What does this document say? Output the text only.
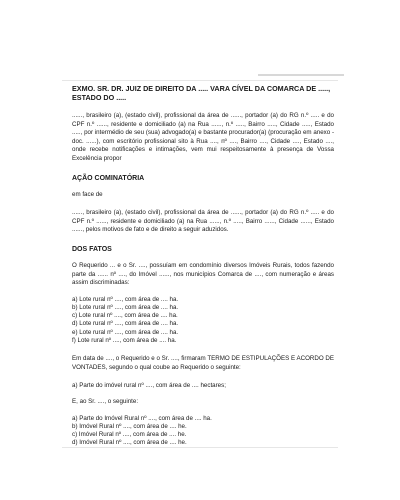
EXMO. SR. DR. JUIZ DE DIREITO DA ..... VARA CÍVEL DA COMARCA DE ....., ESTADO DO .....

......, brasileiro (a), (estado civil), profissional da área de ......, portador (a) do RG n.º ..... e do CPF n.º ......, residente e domiciliado (a) na Rua ......, n.º ....., Bairro ....., Cidade ....., Estado ....., por intermédio de seu (sua) advogado(a) e bastante procurador(a) (procuração em anexo - doc. ......), com escritório profissional sito à Rua ...., nº ...., Bairro ...., Cidade ...., Estado ...., onde recebe notificações e intimações, vem mui respeitosamente à presença de Vossa Excelência propor

AÇÃO COMINATÓRIA

em face de

......, brasileiro (a), (estado civil), profissional da área de ......, portador (a) do RG n.º ..... e do CPF n.º ......, residente e domiciliado (a) na Rua ......, n.º ....., Bairro ......, Cidade ......, Estado ......, pelos motivos de fato e de direito a seguir aduzidos.

DOS FATOS

O Requerido ... e o Sr. ...., possuíam em condomínio diversos Imóveis Rurais, todos fazendo parte da ...... nº ...., do Imóvel ......, nos municípios Comarca de ...., com numeração e áreas assim discriminadas:

a) Lote rural nº ...., com área de .... ha.

b) Lote rural nº ...., com área de .... ha.

c) Lote rural nº ...., com área de .... ha.

d) Lote rural nº ...., com área de .... ha.

e) Lote rural nº ...., com área de .... ha.

f) Lote rural nº ...., com área de .... ha.

Em data de ...., o Requerido e o Sr. ...., firmaram TERMO DE ESTIPULAÇÕES E ACORDO DE VONTADES, segundo o qual coube ao Requerido o seguinte:

a) Parte do imóvel rural nº ...., com área de .... hectares;

E, ao Sr. ...., o seguinte:

a) Parte do Imóvel Rural nº ...., com área de .... ha.

b) Imóvel Rural nº ...., com área de .... he.

c) Imóvel Rural nº ...., com área de .... he.

d) Imóvel Rural nº ...., com área de .... he.
